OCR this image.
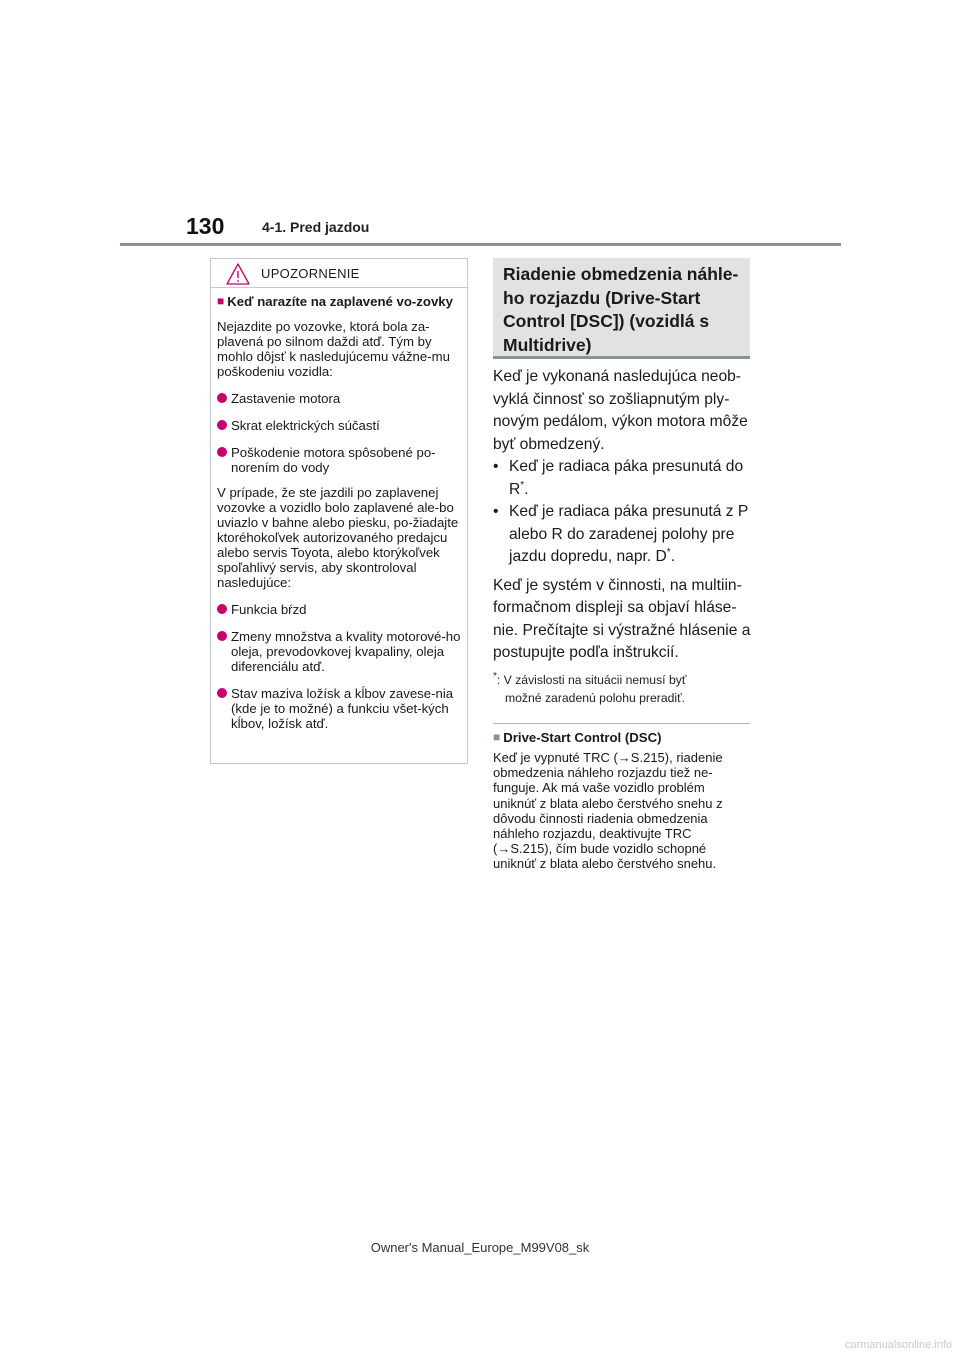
130	4-1. Pred jazdou
UPOZORNENIE
■ Keď narazíte na zaplavené vo-zovky
Nejazdite po vozovke, ktorá bola za-plavená po silnom daždi atď. Tým by mohlo dôjsť k nasledujúcemu vážne-mu poškodeniu vozidla:
Zastavenie motora
Skrat elektrických súčastí
Poškodenie motora spôsobené po-norením do vody
V prípade, že ste jazdili po zaplavenej vozovke a vozidlo bolo zaplavené ale-bo uviazlo v bahne alebo piesku, po-žiadajte ktoréhokoľvek autorizovaného predajcu alebo servis Toyota, alebo ktorýkoľvek spoľahlivý servis, aby skontroloval nasledujúce:
Funkcia bŕzd
Zmeny množstva a kvality motorové-ho oleja, prevodovkovej kvapaliny, oleja diferenciálu atď.
Stav maziva ložísk a kĺbov zavese-nia (kde je to možné) a funkciu všet-kých kĺbov, ložísk atď.
Riadenie obmedzenia náhle-ho rozjazdu (Drive-Start Control [DSC]) (vozidlá s Multidrive)
Keď je vykonaná nasledujúca neob-vyklá činnosť so zošliapnutým ply-novým pedálom, výkon motora môže byť obmedzený.
• Keď je radiaca páka presunutá do R*.
• Keď je radiaca páka presunutá z P alebo R do zaradenej polohy pre jazdu dopredu, napr. D*.
Keď je systém v činnosti, na multiin-formačnom displeji sa objaví hláse-nie. Prečítajte si výstražné hlásenie a postupujte podľa inštrukcií.
*: V závislosti na situácii nemusí byť
možné zaradenú polohu preradiť.
■ Drive-Start Control (DSC)
Keď je vypnuté TRC (→S.215), riadenie obmedzenia náhleho rozjazdu tiež ne-funguje. Ak má vaše vozidlo problém uniknúť z blata alebo čerstvého snehu z dôvodu činnosti riadenia obmedzenia náhleho rozjazdu, deaktivujte TRC (→S.215), čím bude vozidlo schopné uniknúť z blata alebo čerstvého snehu.
Owner's Manual_Europe_M99V08_sk
carmanualsonline.info
